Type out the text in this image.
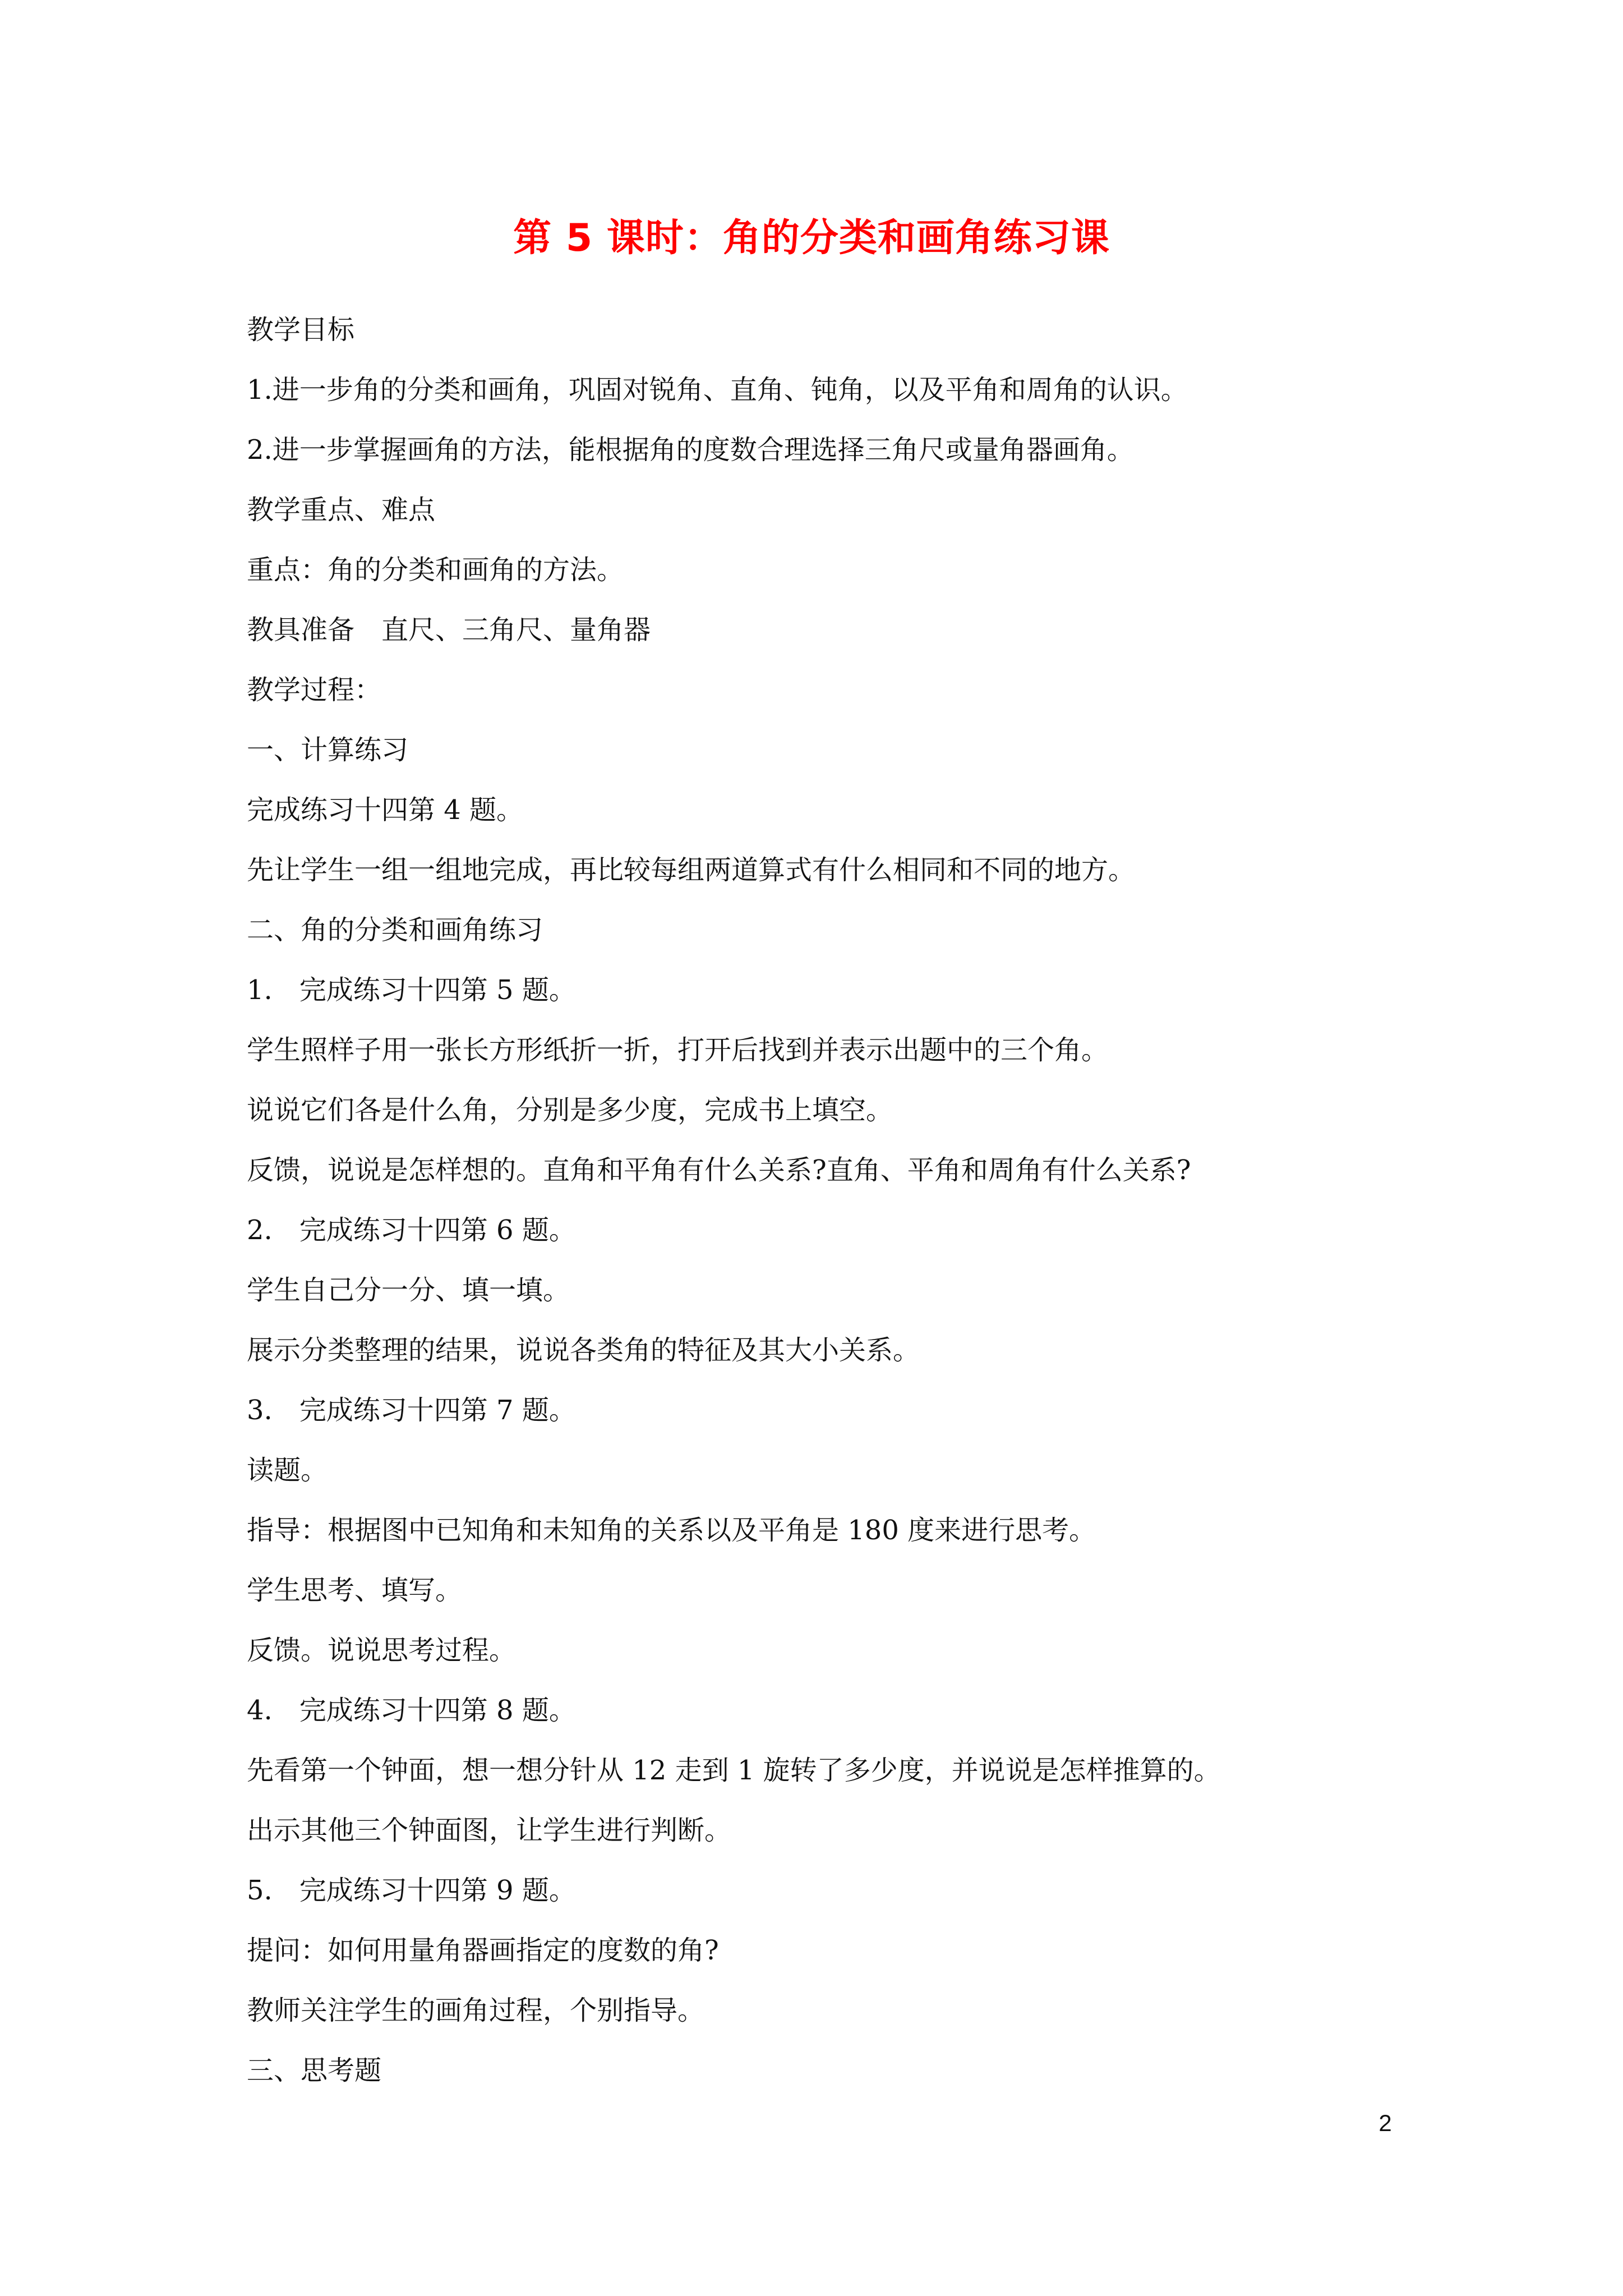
第 5 课时：角的分类和画角练习课
教学目标
1.进一步角的分类和画角，巩固对锐角、直角、钝角，以及平角和周角的认识。
2.进一步掌握画角的方法，能根据角的度数合理选择三角尺或量角器画角。
教学重点、难点
重点：角的分类和画角的方法。
教具准备　直尺、三角尺、量角器
教学过程：
一、计算练习
完成练习十四第 4 题。
先让学生一组一组地完成，再比较每组两道算式有什么相同和不同的地方。
二、角的分类和画角练习
1.　完成练习十四第 5 题。
学生照样子用一张长方形纸折一折，打开后找到并表示出题中的三个角。
说说它们各是什么角，分别是多少度，完成书上填空。
反馈，说说是怎样想的。直角和平角有什么关系?直角、平角和周角有什么关系?
2.　完成练习十四第 6 题。
学生自己分一分、填一填。
展示分类整理的结果，说说各类角的特征及其大小关系。
3.　完成练习十四第 7 题。
读题。
指导：根据图中已知角和未知角的关系以及平角是 180 度来进行思考。
学生思考、填写。
反馈。说说思考过程。
4.　完成练习十四第 8 题。
先看第一个钟面，想一想分针从 12 走到 1 旋转了多少度，并说说是怎样推算的。
出示其他三个钟面图，让学生进行判断。
5.　完成练习十四第 9 题。
提问：如何用量角器画指定的度数的角?
教师关注学生的画角过程，个别指导。
三、思考题
2
